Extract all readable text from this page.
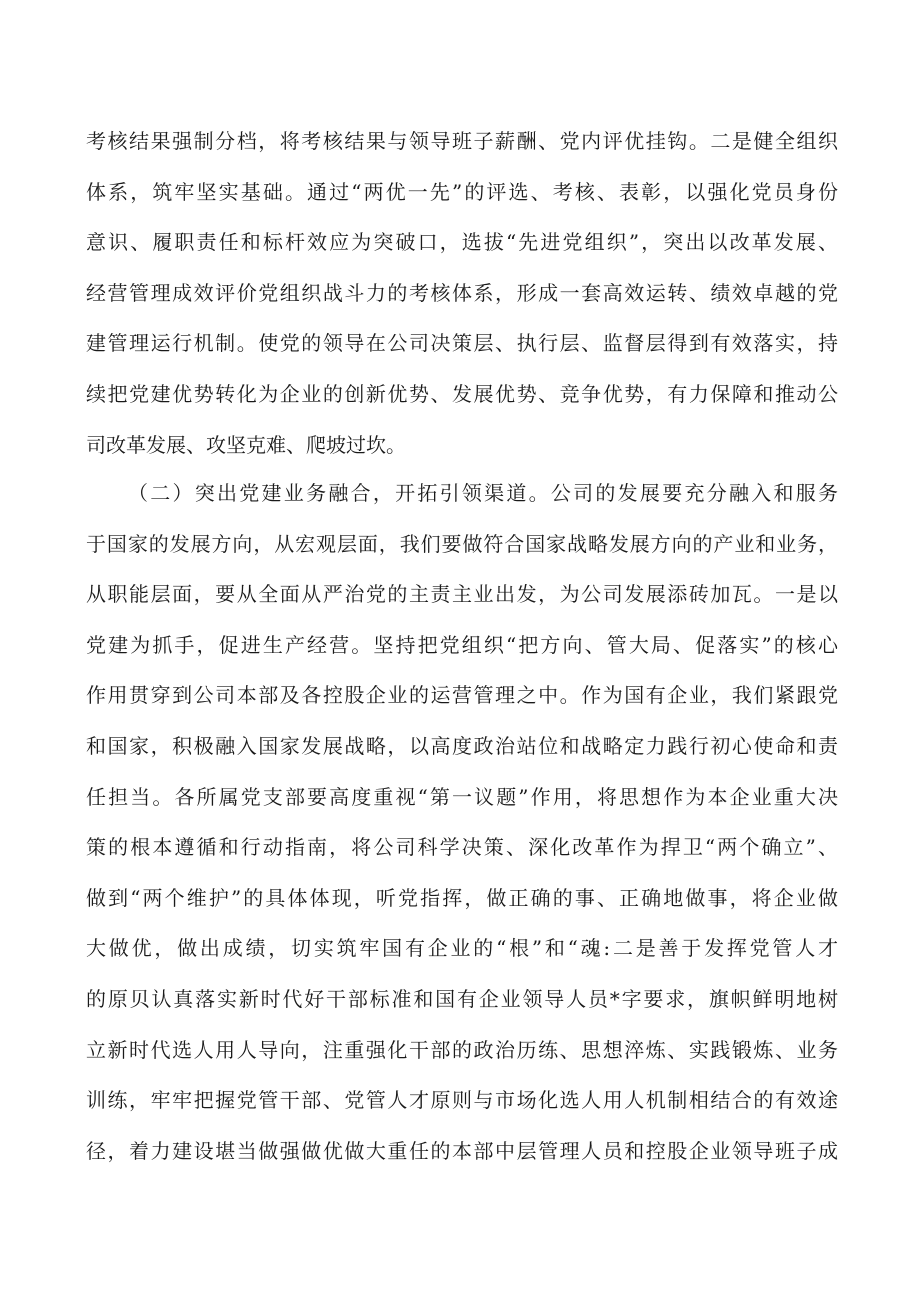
考核结果强制分档，将考核结果与领导班子薪酬、党内评优挂钩。二是健全组织
体系，筑牢坚实基础。通过“两优一先”的评选、考核、表彰，以强化党员身份
意识、履职责任和标杆效应为突破口，选拔“先进党组织”，突出以改革发展、
经营管理成效评价党组织战斗力的考核体系，形成一套高效运转、绩效卓越的党
建管理运行机制。使党的领导在公司决策层、执行层、监督层得到有效落实，持
续把党建优势转化为企业的创新优势、发展优势、竞争优势，有力保障和推动公
司改革发展、攻坚克难、爬坡过坎。
（二）突出党建业务融合，开拓引领渠道。公司的发展要充分融入和服务
于国家的发展方向，从宏观层面，我们要做符合国家战略发展方向的产业和业务，
从职能层面，要从全面从严治党的主责主业出发，为公司发展添砖加瓦。一是以
党建为抓手，促进生产经营。坚持把党组织“把方向、管大局、促落实”的核心
作用贯穿到公司本部及各控股企业的运营管理之中。作为国有企业，我们紧跟党
和国家，积极融入国家发展战略，以高度政治站位和战略定力践行初心使命和责
任担当。各所属党支部要高度重视“第一议题”作用，将思想作为本企业重大决
策的根本遵循和行动指南，将公司科学决策、深化改革作为捍卫“两个确立”、
做到“两个维护”的具体体现，听党指挥，做正确的事、正确地做事，将企业做
大做优，做出成绩，切实筑牢国有企业的“根”和“魂:二是善于发挥党管人才
的原贝认真落实新时代好干部标准和国有企业领导人员*字要求，旗帜鲜明地树
立新时代选人用人导向，注重强化干部的政治历练、思想淬炼、实践锻炼、业务
训练，牢牢把握党管干部、党管人才原则与市场化选人用人机制相结合的有效途
径，着力建设堪当做强做优做大重任的本部中层管理人员和控股企业领导班子成
